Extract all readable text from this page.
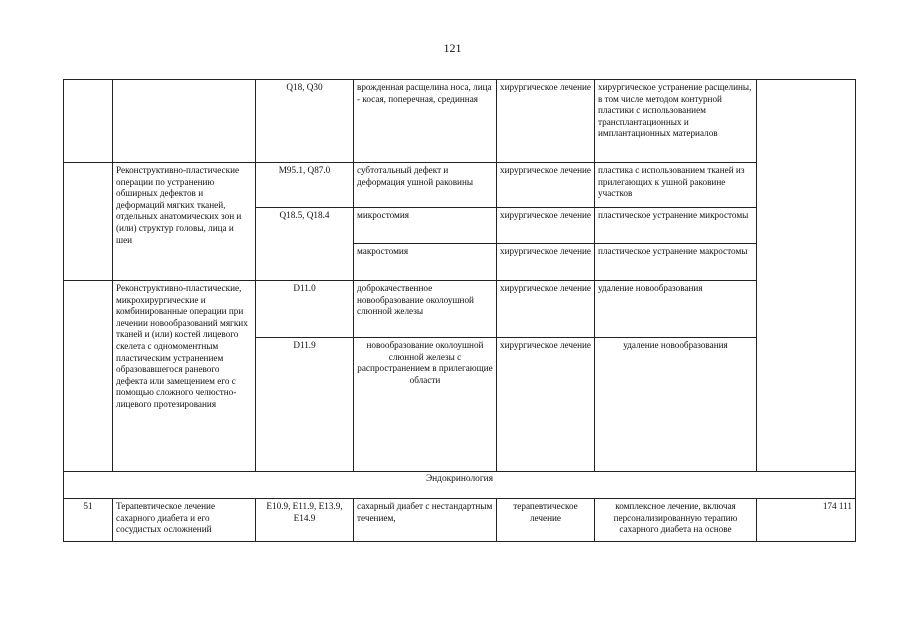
121
		Q18, Q30	врожденная расщелина носа, лица - косая, поперечная, срединная	хирургическое лечение	хирургическое устранение расщелины, в том числе методом контурной пластики с использованием трансплантационных и имплантационных материалов	
	Реконструктивно-пластические операции по устранению обширных дефектов и деформаций мягких тканей, отдельных анатомических зон и (или) структур головы, лица и шеи	M95.1, Q87.0	субтотальный дефект и деформация ушной раковины	хирургическое лечение	пластика с использованием тканей из прилегающих к ушной раковине участков	
		Q18.5, Q18.4	микростомия	хирургическое лечение	пластическое устранение микростомы	
			макростомия	хирургическое лечение	пластическое устранение макростомы	
	Реконструктивно-пластические, микрохирургические и комбинированные операции при лечении новообразований мягких тканей и (или) костей лицевого скелета с одномоментным пластическим устранением образовавшегося раневого дефекта или замещением его с помощью сложного челюстно-лицевого протезирования	D11.0	доброкачественное новообразование околоушной слюнной железы	хирургическое лечение	удаление новообразования	
		D11.9	новообразование околоушной слюнной железы с распространением в прилегающие области	хирургическое лечение	удаление новообразования	
Эндокринология						
51	Терапевтическое лечение сахарного диабета и его сосудистых осложнений	E10.9, E11.9, E13.9, E14.9	сахарный диабет с нестандартным течением,	терапевтическое лечение	комплексное лечение, включая персонализированную терапию сахарного диабета на основе	174 111
